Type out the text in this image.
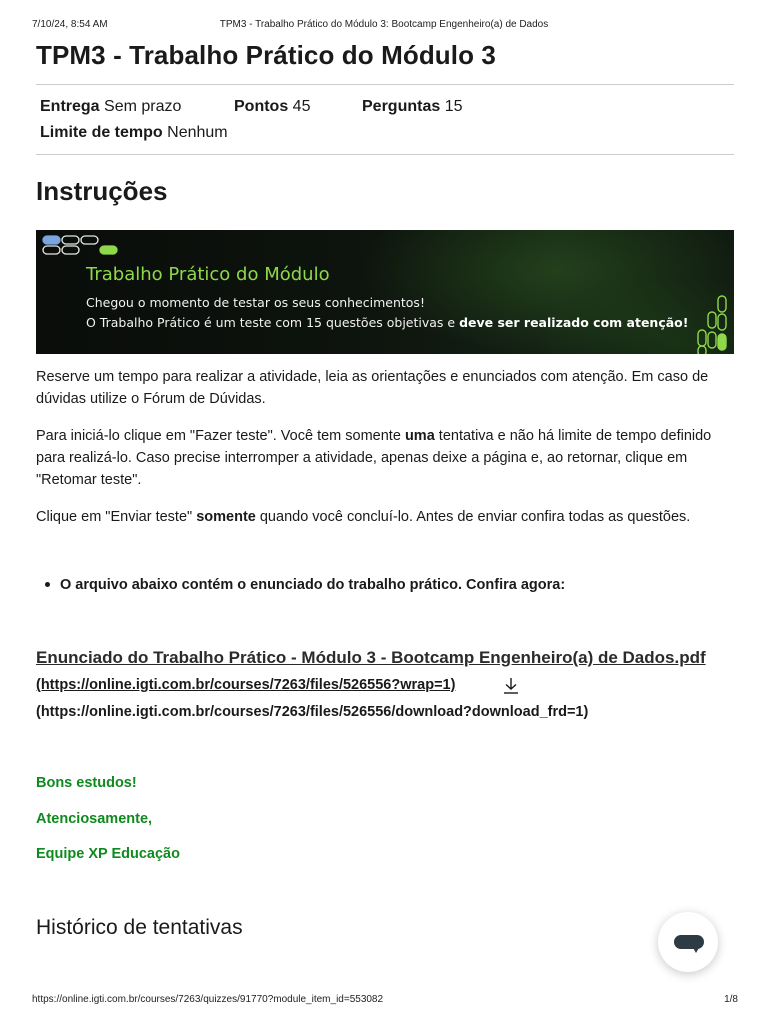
7/10/24, 8:54 AM	TPM3 - Trabalho Prático do Módulo 3: Bootcamp Engenheiro(a) de Dados
TPM3 - Trabalho Prático do Módulo 3
Entrega Sem prazo	Pontos 45	Perguntas 15
Limite de tempo Nenhum
Instruções
Trabalho Prático do Módulo
Chegou o momento de testar os seus conhecimentos!
O Trabalho Prático é um teste com 15 questões objetivas e deve ser realizado com atenção!

Reserve um tempo para realizar a atividade, leia as orientações e enunciados com atenção. Em caso de dúvidas utilize o Fórum de Dúvidas.

Para iniciá-lo clique em "Fazer teste". Você tem somente uma tentativa e não há limite de tempo definido para realizá-lo. Caso precise interromper a atividade, apenas deixe a página e, ao retornar, clique em "Retomar teste".

Clique em "Enviar teste" somente quando você concluí-lo. Antes de enviar confira todas as questões.

O arquivo abaixo contém o enunciado do trabalho prático. Confira agora:
Enunciado do Trabalho Prático - Módulo 3 - Bootcamp Engenheiro(a) de Dados.pdf
(https://online.igti.com.br/courses/7263/files/526556?wrap=1)
(https://online.igti.com.br/courses/7263/files/526556/download?download_frd=1)
Bons estudos!
Atenciosamente,
Equipe XP Educação
Histórico de tentativas
https://online.igti.com.br/courses/7263/quizzes/91770?module_item_id=553082	1/8
